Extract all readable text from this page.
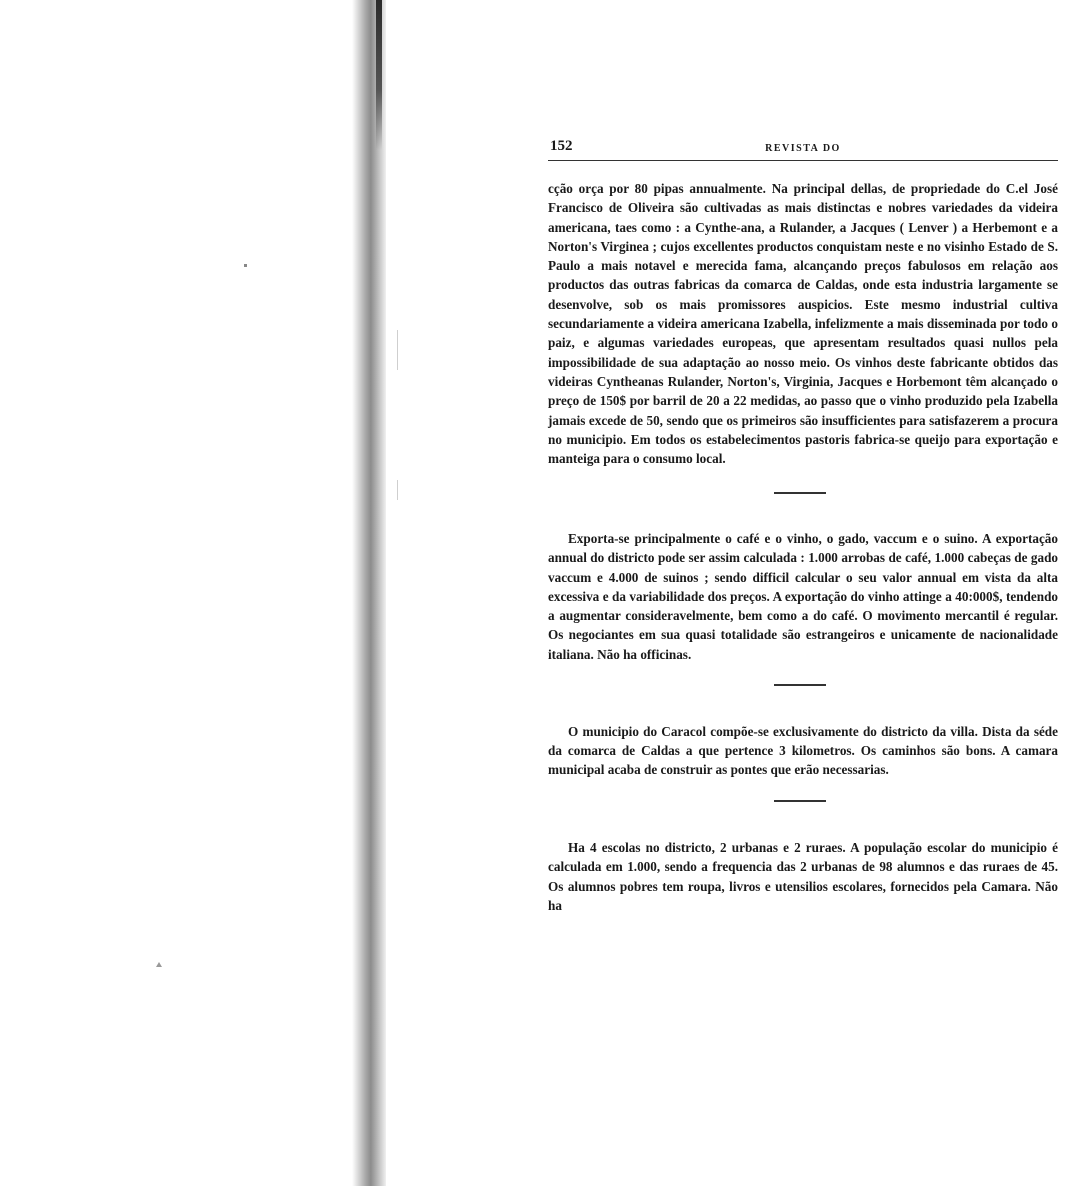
152	REVISTA DO

cção orça por 80 pipas annualmente. Na principal dellas, de propriedade do C.el José Francisco de Oliveira são cultivadas as mais distinctas e nobres variedades da videira americana, taes como : a Cynthe-ana, a Rulander, a Jacques ( Lenver ) a Herbemont e a Norton's Virginea ; cujos excellentes productos conquistam neste e no visinho Estado de S. Paulo a mais notavel e merecida fama, alcançando preços fabulosos em relação aos productos das outras fabricas da comarca de Caldas, onde esta industria largamente se desenvolve, sob os mais promissores auspicios. Este mesmo industrial cultiva secundariamente a videira americana Izabella, infelizmente a mais disseminada por todo o paiz, e algumas variedades europeas, que apresentam resultados quasi nullos pela impossibilidade de sua adaptação ao nosso meio. Os vinhos deste fabricante obtidos das videiras Cyntheanas Rulander, Norton's, Virginia, Jacques e Horbemont têm alcançado o preço de 150$ por barril de 20 a 22 medidas, ao passo que o vinho produzido pela Izabella jamais excede de 50, sendo que os primeiros são insufficientes para satisfazerem a procura no municipio. Em todos os estabelecimentos pastoris fabrica-se queijo para exportação e manteiga para o consumo local.

Exporta-se principalmente o café e o vinho, o gado, vaccum e o suino. A exportação annual do districto pode ser assim calculada : 1.000 arrobas de café, 1.000 cabeças de gado vaccum e 4.000 de suinos ; sendo difficil calcular o seu valor annual em vista da alta excessiva e da variabilidade dos preços. A exportação do vinho attinge a 40:000$, tendendo a augmentar consideravelmente, bem como a do café. O movimento mercantil é regular. Os negociantes em sua quasi totalidade são estrangeiros e unicamente de nacionalidade italiana. Não ha officinas.

O municipio do Caracol compõe-se exclusivamente do districto da villa. Dista da séde da comarca de Caldas a que pertence 3 kilometros. Os caminhos são bons. A camara municipal acaba de construir as pontes que erão necessarias.

Ha 4 escolas no districto, 2 urbanas e 2 ruraes. A população escolar do municipio é calculada em 1.000, sendo a frequencia das 2 urbanas de 98 alumnos e das ruraes de 45. Os alumnos pobres tem roupa, livros e utensilios escolares, fornecidos pela Camara. Não ha
